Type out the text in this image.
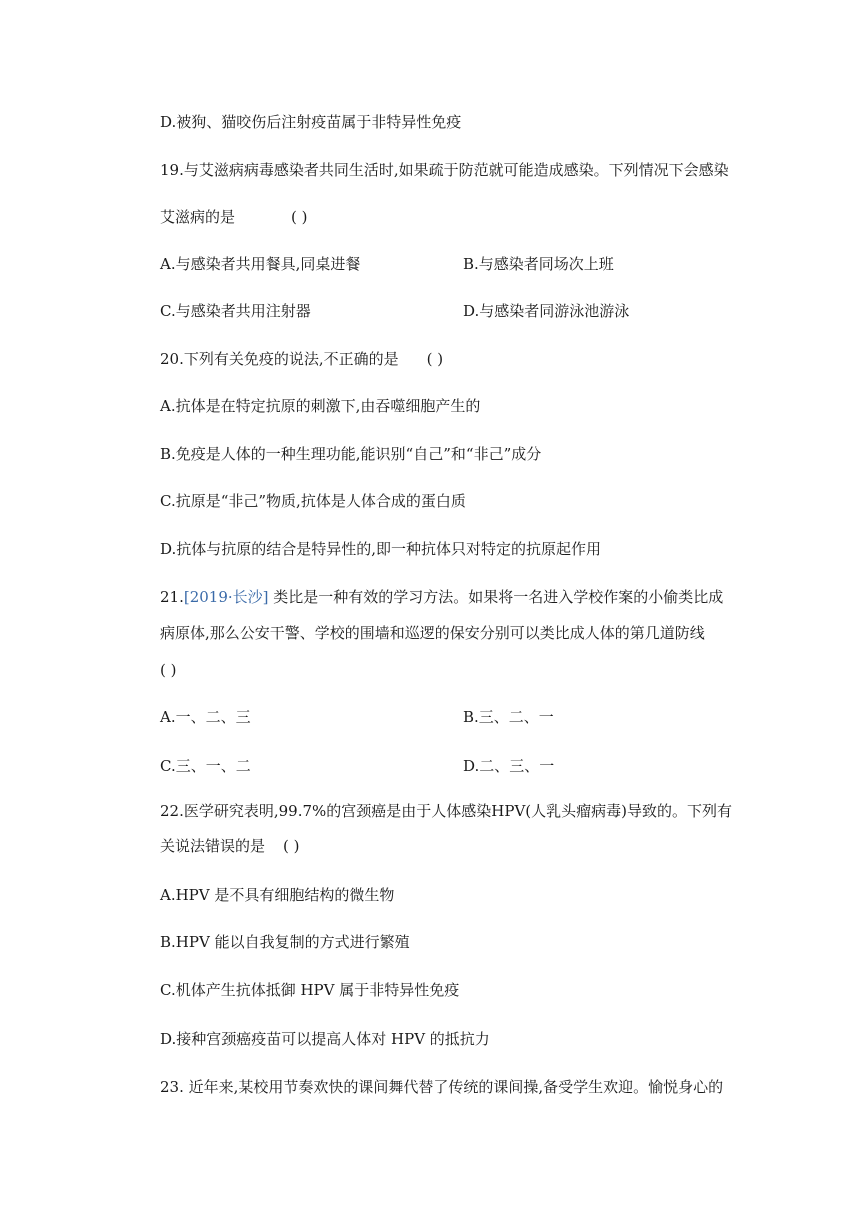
D.被狗、猫咬伤后注射疫苗属于非特异性免疫
19.与艾滋病病毒感染者共同生活时,如果疏于防范就可能造成感染。下列情况下会感染
艾滋病的是	( )
A.与感染者共用餐具,同桌进餐	B.与感染者同场次上班
C.与感染者共用注射器	D.与感染者同游泳池游泳
20.下列有关免疫的说法,不正确的是 ( )
A.抗体是在特定抗原的刺激下,由吞噬细胞产生的
B.免疫是人体的一种生理功能,能识别“自己”和“非己”成分
C.抗原是“非己”物质,抗体是人体合成的蛋白质
D.抗体与抗原的结合是特异性的,即一种抗体只对特定的抗原起作用
21.[2019·长沙] 类比是一种有效的学习方法。如果将一名进入学校作案的小偷类比成
病原体,那么公安干警、学校的围墙和巡逻的保安分别可以类比成人体的第几道防线
( )
A.一、二、三	B.三、二、一
C.三、一、二	D.二、三、一
22.医学研究表明,99.7%的宫颈癌是由于人体感染HPV(人乳头瘤病毒)导致的。下列有
关说法错误的是 ( )
A.HPV 是不具有细胞结构的微生物
B.HPV 能以自我复制的方式进行繁殖
C.机体产生抗体抵御 HPV 属于非特异性免疫
D.接种宫颈癌疫苗可以提高人体对 HPV 的抵抗力
23. 近年来,某校用节奏欢快的课间舞代替了传统的课间操,备受学生欢迎。愉悦身心的
